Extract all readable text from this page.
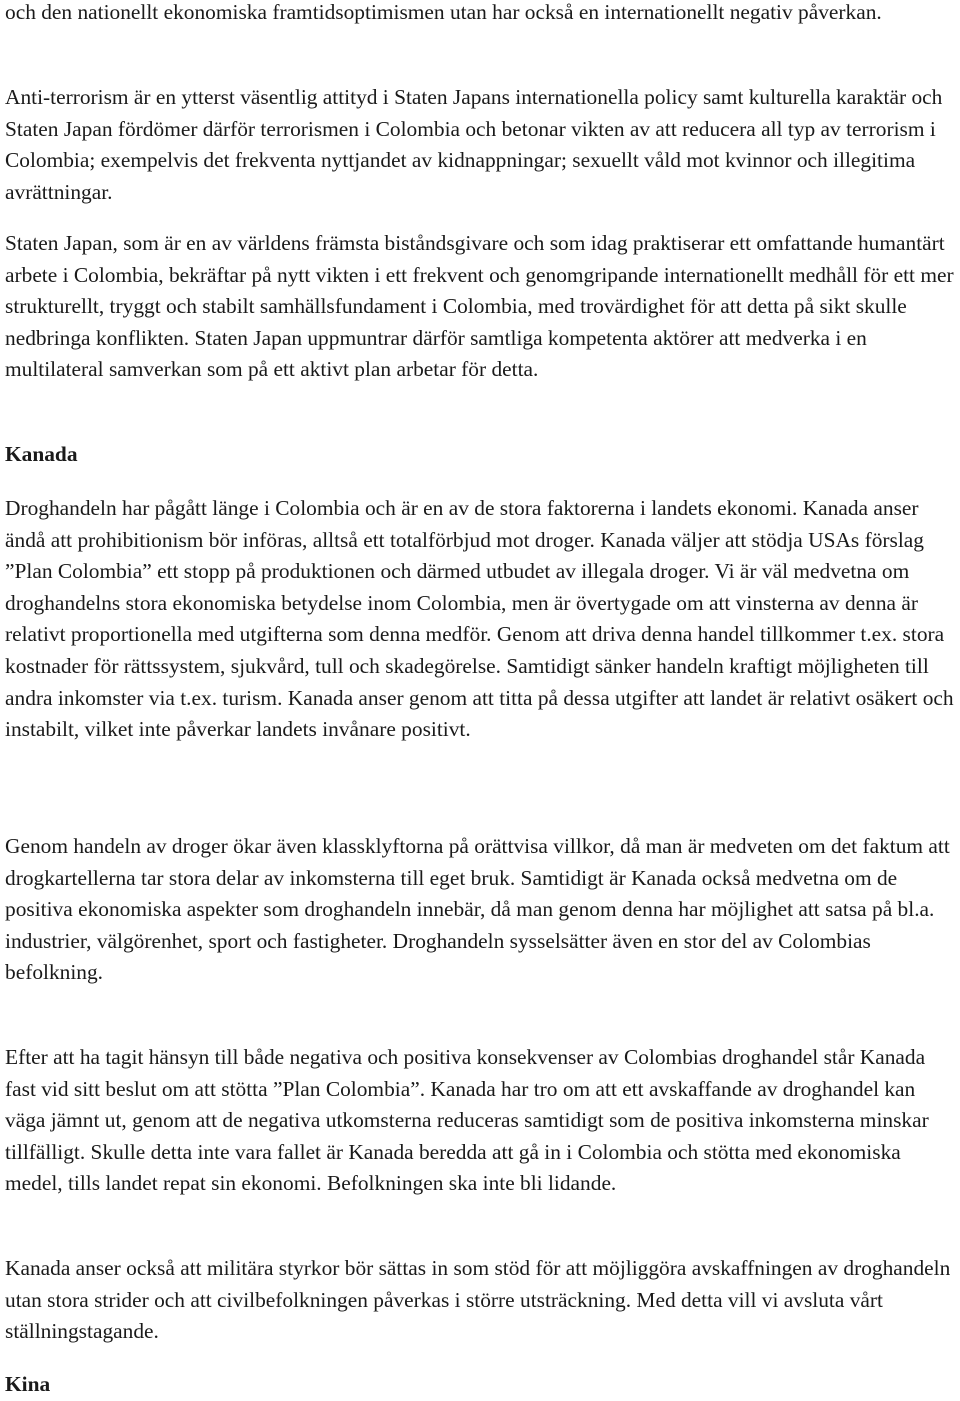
och den nationellt ekonomiska framtidsoptimismen utan har också en internationellt negativ påverkan.

Anti-terrorism är en ytterst väsentlig attityd i Staten Japans internationella policy samt kulturella karaktär och Staten Japan fördömer därför terrorismen i Colombia och betonar vikten av att reducera all typ av terrorism i Colombia; exempelvis det frekventa nyttjandet av kidnappningar; sexuellt våld mot kvinnor och illegitima avrättningar.

Staten Japan, som är en av världens främsta biståndsgivare och som idag praktiserar ett omfattande humantärt arbete i Colombia, bekräftar på nytt vikten i ett frekvent och genomgripande internationellt medhåll för ett mer strukturellt, tryggt och stabilt samhällsfundament i Colombia, med trovärdighet för att detta på sikt skulle nedbringa konflikten. Staten Japan uppmuntrar därför samtliga kompetenta aktörer att medverka i en multilateral samverkan som på ett aktivt plan arbetar för detta.

Kanada

Droghandeln har pågått länge i Colombia och är en av de stora faktorerna i landets ekonomi. Kanada anser ändå att prohibitionism bör införas, alltså ett totalförbjud mot droger. Kanada väljer att stödja USAs förslag ”Plan Colombia” ett stopp på produktionen och därmed utbudet av illegala droger. Vi är väl medvetna om droghandelns stora ekonomiska betydelse inom Colombia, men är övertygade om att vinsterna av denna är relativt proportionella med utgifterna som denna medför. Genom att driva denna handel tillkommer t.ex. stora kostnader för rättssystem, sjukvård, tull och skadegörelse. Samtidigt sänker handeln kraftigt möjligheten till andra inkomster via t.ex. turism. Kanada anser genom att titta på dessa utgifter att landet är relativt osäkert och instabilt, vilket inte påverkar landets invånare positivt.

Genom handeln av droger ökar även klassklyftorna på orättvisa villkor, då man är medveten om det faktum att drogkartellerna tar stora delar av inkomsterna till eget bruk. Samtidigt är Kanada också medvetna om de positiva ekonomiska aspekter som droghandeln innebär, då man genom denna har möjlighet att satsa på bl.a. industrier, välgörenhet, sport och fastigheter. Droghandeln sysselsätter även en stor del av Colombias befolkning.

Efter att ha tagit hänsyn till både negativa och positiva konsekvenser av Colombias droghandel står Kanada fast vid sitt beslut om att stötta ”Plan Colombia”. Kanada har tro om att ett avskaffande av droghandel kan väga jämnt ut, genom att de negativa utkomsterna reduceras samtidigt som de positiva inkomsterna minskar tillfälligt. Skulle detta inte vara fallet är Kanada beredda att gå in i Colombia och stötta med ekonomiska medel, tills landet repat sin ekonomi. Befolkningen ska inte bli lidande.

Kanada anser också att militära styrkor bör sättas in som stöd för att möjliggöra avskaffningen av droghandeln utan stora strider och att civilbefolkningen påverkas i större utsträckning. Med detta vill vi avsluta vårt ställningstagande.

Kina
